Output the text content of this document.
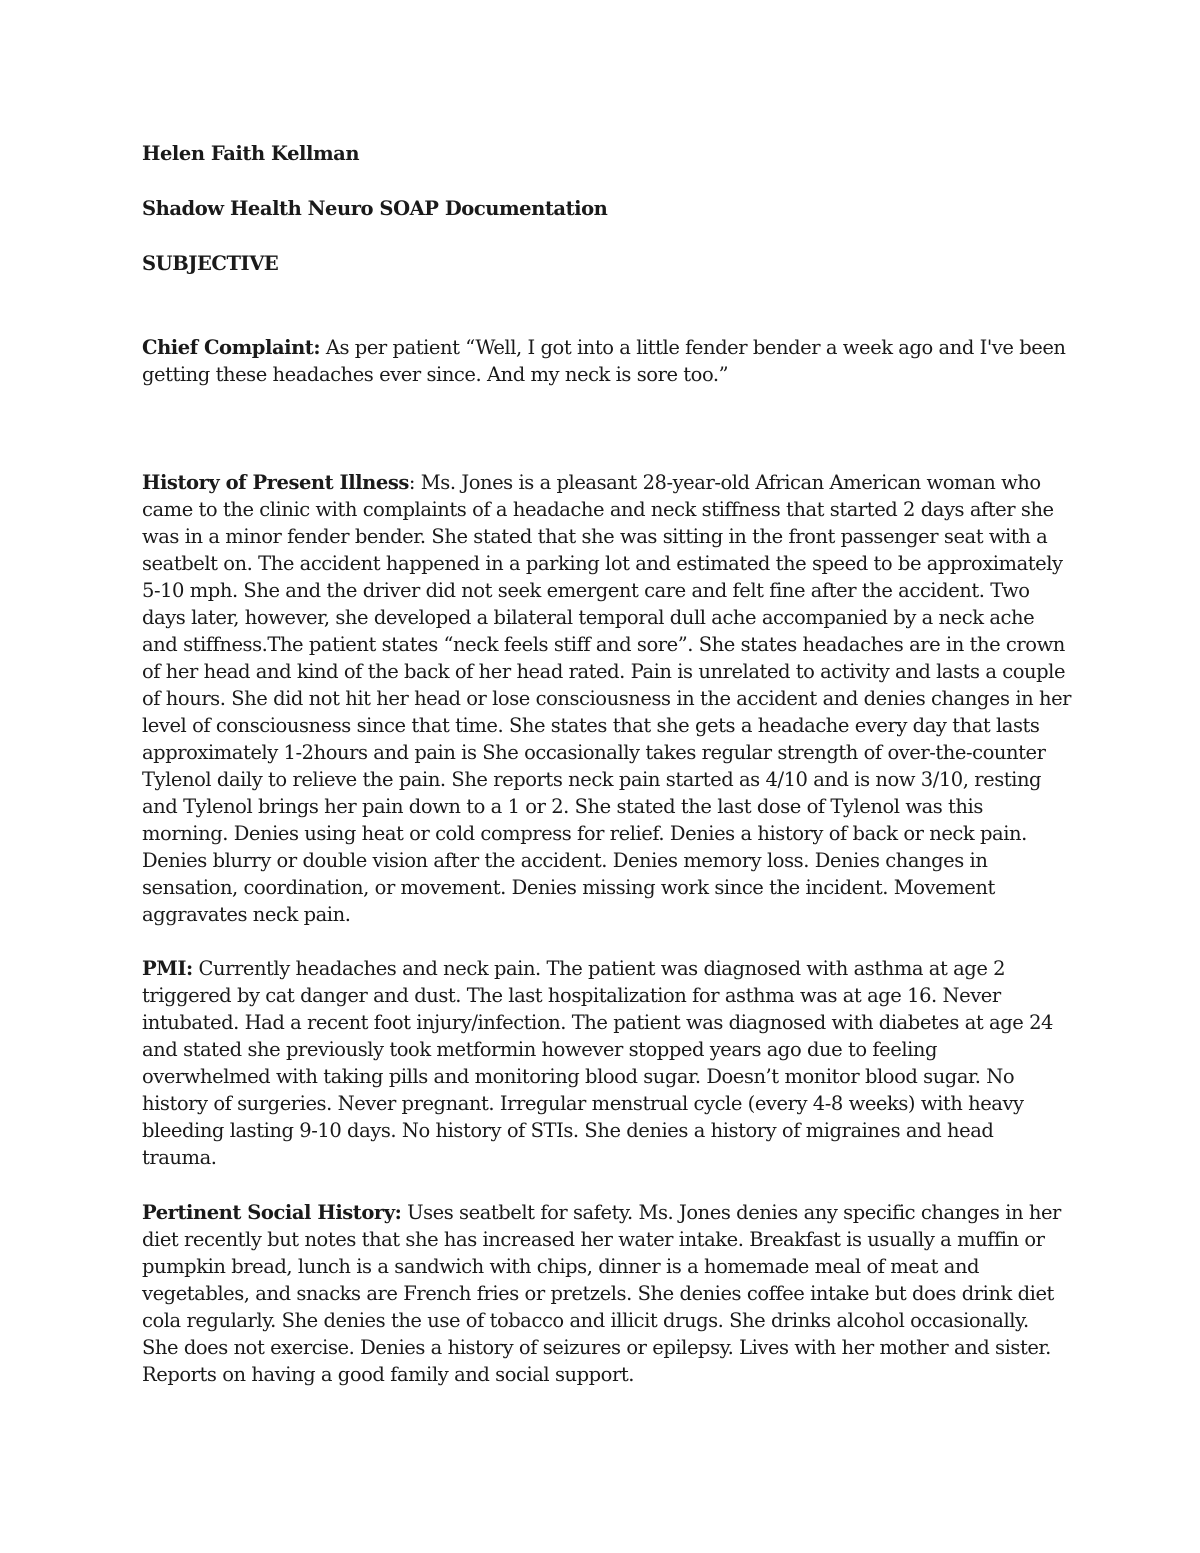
Helen Faith Kellman

Shadow Health Neuro SOAP Documentation

SUBJECTIVE

Chief Complaint: As per patient “Well, I got into a little fender bender a week ago and I've been
getting these headaches ever since. And my neck is sore too.”
History of Present Illness: Ms. Jones is a pleasant 28-year-old African American woman who
came to the clinic with complaints of a headache and neck stiffness that started 2 days after she
was in a minor fender bender. She stated that she was sitting in the front passenger seat with a
seatbelt on. The accident happened in a parking lot and estimated the speed to be approximately
5-10 mph. She and the driver did not seek emergent care and felt fine after the accident. Two
days later, however, she developed a bilateral temporal dull ache accompanied by a neck ache
and stiffness.The patient states “neck feels stiff and sore”. She states headaches are in the crown
of her head and kind of the back of her head rated. Pain is unrelated to activity and lasts a couple
of hours. She did not hit her head or lose consciousness in the accident and denies changes in her
level of consciousness since that time. She states that she gets a headache every day that lasts
approximately 1-2hours and pain is She occasionally takes regular strength of over-the-counter
Tylenol daily to relieve the pain. She reports neck pain started as 4/10 and is now 3/10, resting
and Tylenol brings her pain down to a 1 or 2. She stated the last dose of Tylenol was this
morning. Denies using heat or cold compress for relief. Denies a history of back or neck pain.
Denies blurry or double vision after the accident. Denies memory loss. Denies changes in
sensation, coordination, or movement. Denies missing work since the incident. Movement
aggravates neck pain.
PMI: Currently headaches and neck pain. The patient was diagnosed with asthma at age 2
triggered by cat danger and dust. The last hospitalization for asthma was at age 16. Never
intubated. Had a recent foot injury/infection. The patient was diagnosed with diabetes at age 24
and stated she previously took metformin however stopped years ago due to feeling
overwhelmed with taking pills and monitoring blood sugar. Doesn’t monitor blood sugar. No
history of surgeries. Never pregnant. Irregular menstrual cycle (every 4-8 weeks) with heavy
bleeding lasting 9-10 days. No history of STIs. She denies a history of migraines and head
trauma.
Pertinent Social History: Uses seatbelt for safety. Ms. Jones denies any specific changes in her
diet recently but notes that she has increased her water intake. Breakfast is usually a muffin or
pumpkin bread, lunch is a sandwich with chips, dinner is a homemade meal of meat and
vegetables, and snacks are French fries or pretzels. She denies coffee intake but does drink diet
cola regularly. She denies the use of tobacco and illicit drugs. She drinks alcohol occasionally.
She does not exercise. Denies a history of seizures or epilepsy. Lives with her mother and sister.
Reports on having a good family and social support.
